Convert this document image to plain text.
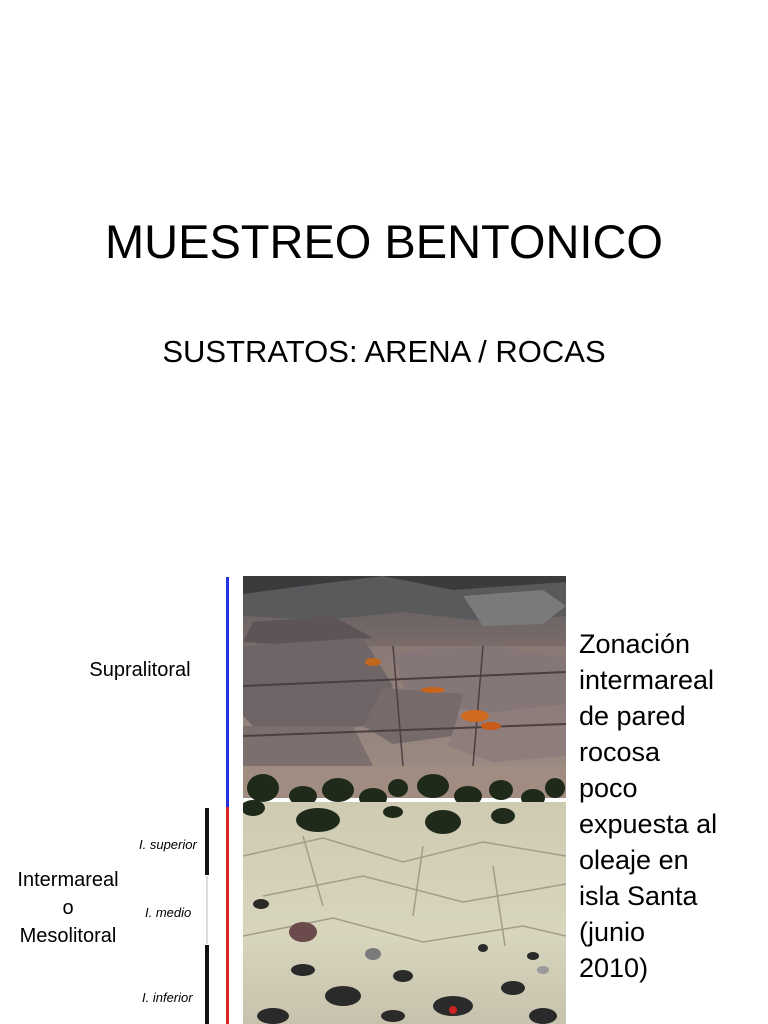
MUESTREO BENTONICO
SUSTRATOS: ARENA / ROCAS
Supralitoral
Intermareal
o
Mesolitoral
I. superior
I. medio
I. inferior
Zonación
intermareal
de pared
rocosa
poco
expuesta al
oleaje en
isla Santa
(junio
2010)
